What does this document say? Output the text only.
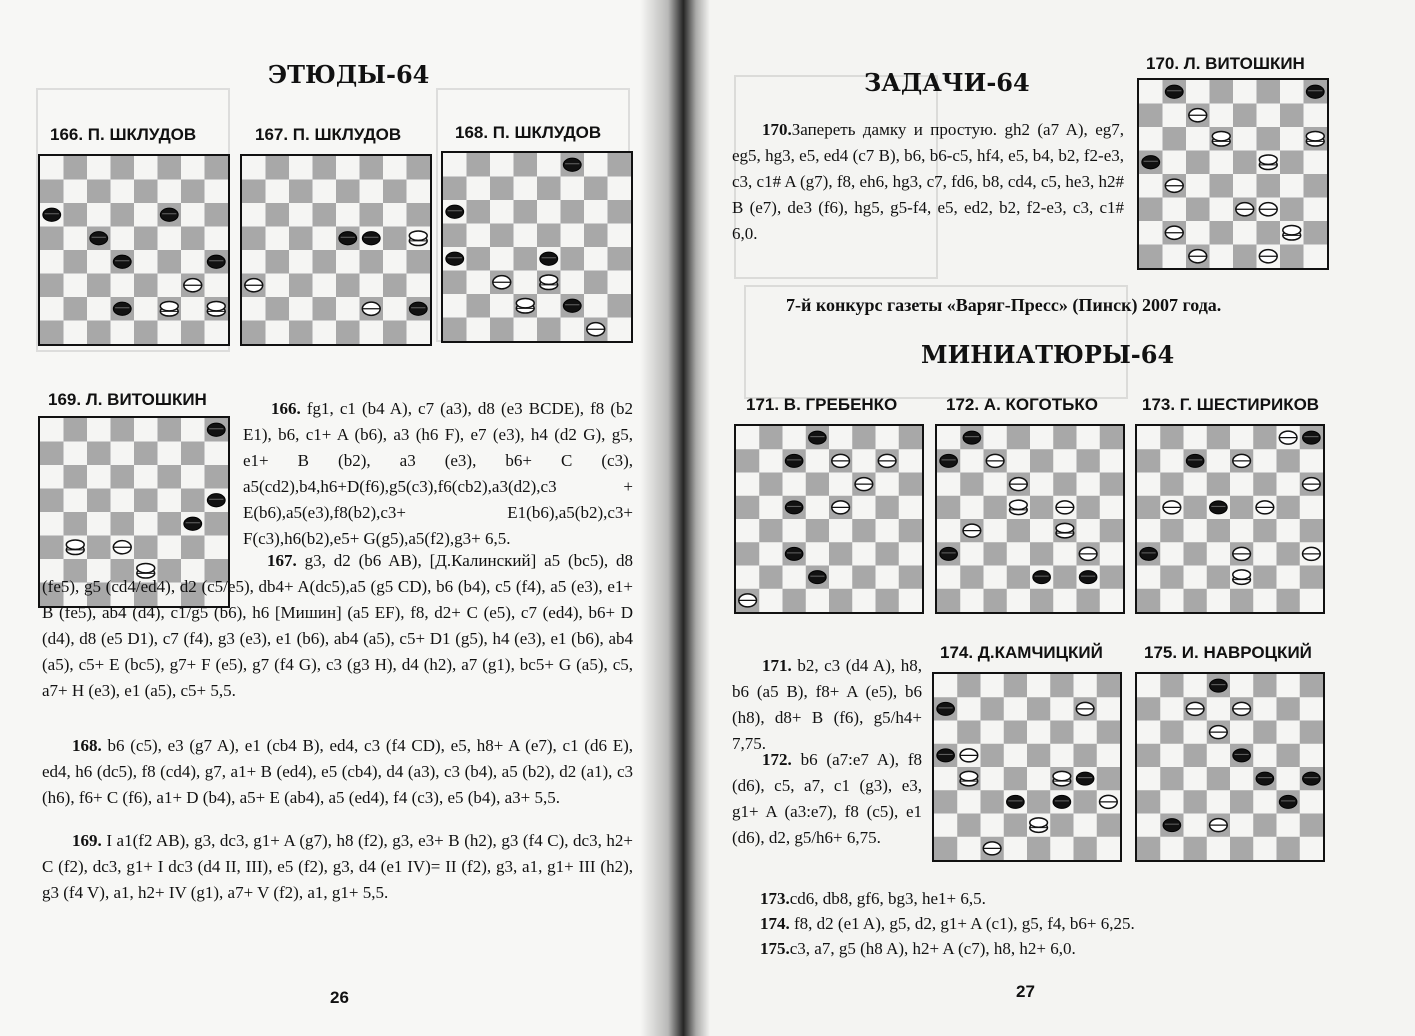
ЭТЮДЫ-64
166. П. ШКЛУДОВ	167. П. ШКЛУДОВ	168. П. ШКЛУДОВ
169. Л. ВИТОШКИН	166. fg1, c1 (b4 A), c7 (a3), d8 (e3 BCDE), f8 (b2 E1), b6, c1+ A (b6), a3 (h6 F), e7 (e3), h4 (d2 G), g5, e1+ B (b2), a3 (e3), b6+ C (c3), a5(cd2),b4,h6+D(f6),g5(c3),f6(cb2),a3(d2),c3 + E(b6),a5(e3),f8(b2),c3+ E1(b6),a5(b2),c3+ F(c3),h6(b2),e5+ G(g5),a5(f2),g3+ 6,5.

167. g3, d2 (b6 AB), [Д.Калинский] a5 (bc5), d8 (fe5), g5 (cd4/ed4), d2 (c5/e5), db4+ A(dc5),a5 (g5 CD), b6 (b4), c5 (f4), a5 (e3), e1+ B (fe5), ab4 (d4), c1/g5 (b6), h6 [Мишин] (a5 EF), f8, d2+ C (e5), c7 (ed4), b6+ D (d4), d8 (e5 D1), c7 (f4), g3 (e3), e1 (b6), ab4 (a5), c5+ D1 (g5), h4 (e3), e1 (b6), ab4 (a5), c5+ E (bc5), g7+ F (e5), g7 (f4 G), c3 (g3 H), d4 (h2), a7 (g1), bc5+ G (a5), c5, a7+ H (e3), e1 (a5), c5+ 5,5.

168. b6 (c5), e3 (g7 A), e1 (cb4 B), ed4, c3 (f4 CD), e5, h8+ A (e7), c1 (d6 E), ed4, h6 (dc5), f8 (cd4), g7, a1+ B (ed4), e5 (cb4), d4 (a3), c3 (b4), a5 (b2), d2 (a1), c3 (h6), f6+ C (f6), a1+ D (b4), a5+ E (ab4), a5 (ed4), f4 (c3), e5 (b4), a3+ 5,5.

169. I a1(f2 AB), g3, dc3, g1+ A (g7), h8 (f2), g3, e3+ B (h2), g3 (f4 C), dc3, h2+ C (f2), dc3, g1+ I dc3 (d4 II, III), e5 (f2), g3, d4 (e1 IV)= II (f2), g3, a1, g1+ III (h2), g3 (f4 V), a1, h2+ IV (g1), a7+ V (f2), a1, g1+ 5,5.

26
ЗАДАЧИ-64
МИНИАТЮРЫ-64
7-й конкурс газеты «Варяг-Пресс» (Пинск) 2007 года.
170. Л. ВИТОШКИН
171. В. ГРЕБЕНКО	172. А. КОГОТЬКО	173. Г. ШЕСТИРИКОВ
174. Д.КАМЧИЦКИЙ 175. И. НАВРОЦКИЙ

170.Запереть дамку и простую. gh2 (a7 A), eg7, eg5, hg3, e5, ed4 (c7 B), b6, b6-c5, hf4, e5, b4, b2, f2-e3, c3, c1# A (g7), f8, eh6, hg3, c7, fd6, b8, cd4, c5, he3, h2# B (e7), de3 (f6), hg5, g5-f4, e5, ed2, b2, f2-e3, c3, c1# 6,0.

171. b2, c3 (d4 A), h8, b6 (a5 B), f8+ A (e5), b6 (h8), d8+ B (f6), g5/h4+ 7,75.

172. b6 (a7:e7 A), f8 (d6), c5, a7, c1 (g3), e3, g1+ A (a3:e7), f8 (c5), e1 (d6), d2, g5/h6+ 6,75.

173.cd6, db8, gf6, bg3, he1+ 6,5.

174. f8, d2 (e1 A), g5, d2, g1+ A (c1), g5, f4, b6+ 6,25.

175.c3, a7, g5 (h8 A), h2+ A (c7), h8, h2+ 6,0.

27
